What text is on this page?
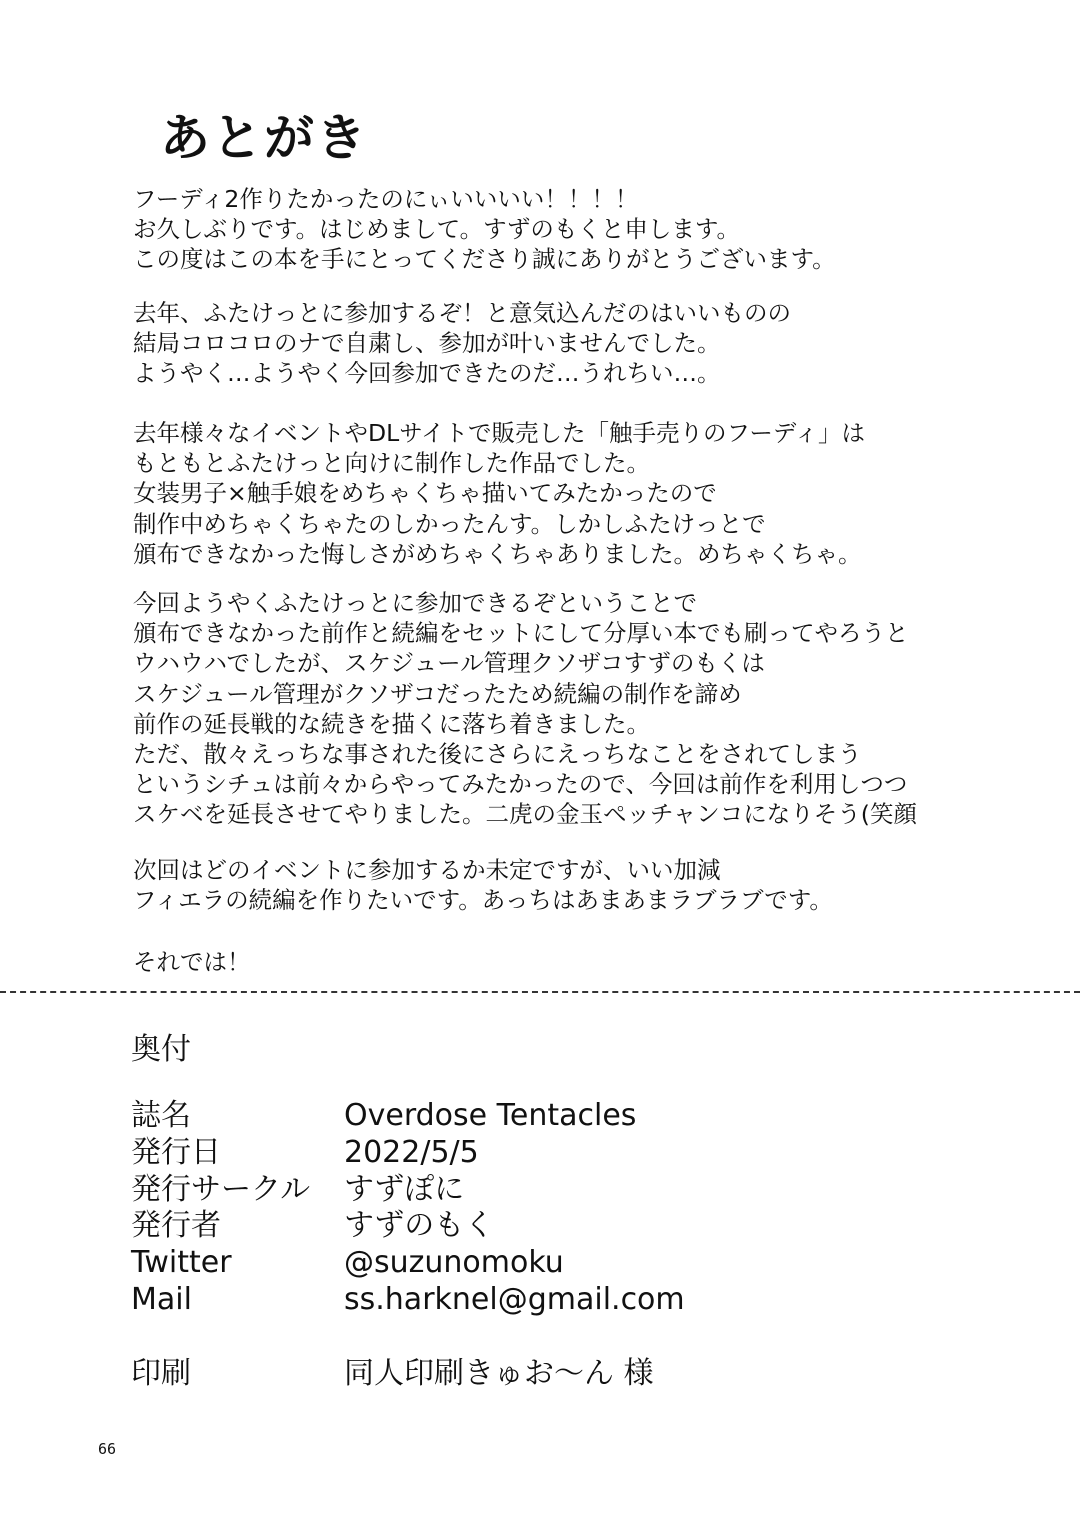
あとがき
フーディ2作りたかったのにぃいいいい！！！！
お久しぶりです。はじめまして。すずのもくと申します。
この度はこの本を手にとってくださり誠にありがとうございます。
去年、ふたけっとに参加するぞ！と意気込んだのはいいものの
結局コロコロのナで自粛し、参加が叶いませんでした。
ようやく…ようやく今回参加できたのだ…うれちい…。
去年様々なイベントやDLサイトで販売した「触手売りのフーディ」は
もともとふたけっと向けに制作した作品でした。
女装男子×触手娘をめちゃくちゃ描いてみたかったので
制作中めちゃくちゃたのしかったんす。しかしふたけっとで
頒布できなかった悔しさがめちゃくちゃありました。めちゃくちゃ。
今回ようやくふたけっとに参加できるぞということで
頒布できなかった前作と続編をセットにして分厚い本でも刷ってやろうと
ウハウハでしたが、スケジュール管理クソザコすずのもくは
スケジュール管理がクソザコだったため続編の制作を諦め
前作の延長戦的な続きを描くに落ち着きました。
ただ、散々えっちな事された後にさらにえっちなことをされてしまう
というシチュは前々からやってみたかったので、今回は前作を利用しつつ
スケベを延長させてやりました。二虎の金玉ペッチャンコになりそう(笑顔
次回はどのイベントに参加するか未定ですが、いい加減
フィエラの続編を作りたいです。あっちはあまあまラブラブです。
それでは！
奥付
誌名	Overdose Tentacles
発行日	2022/5/5
発行サークル	すずぽに
発行者	すずのもく
Twitter	@suzunomoku
Mail	ss.harknel@gmail.com
印刷	同人印刷きゅお〜ん 様
66
